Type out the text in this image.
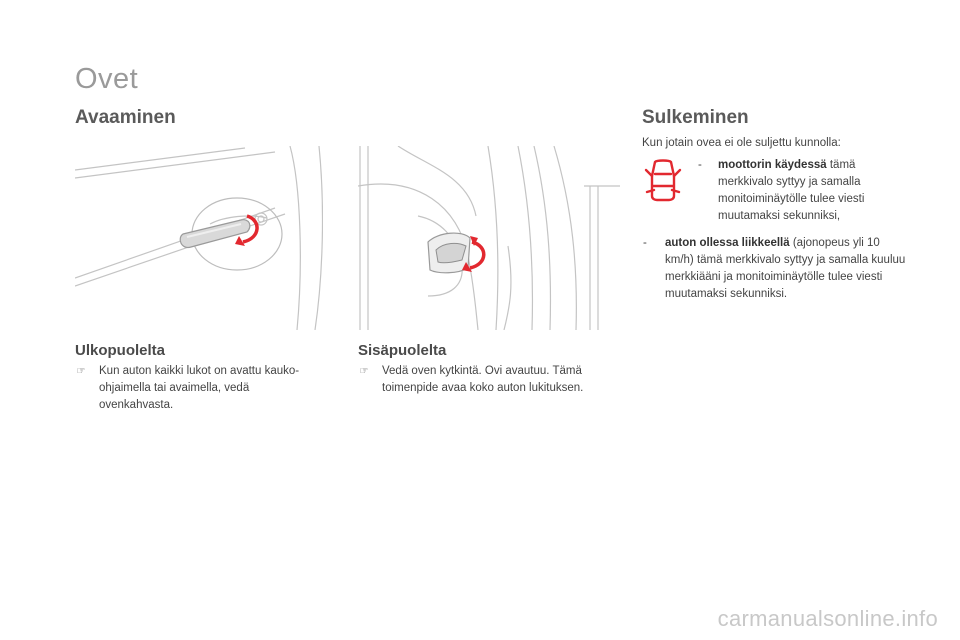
Ovet
Avaaminen
Ulkopuolelta
☞ Kun auton kaikki lukot on avattu kauko-ohjaimella tai avaimella, vedä ovenkahvasta.
Sisäpuolelta
☞ Vedä oven kytkintä. Ovi avautuu. Tämä toimenpide avaa koko auton lukituksen.
Sulkeminen
Kun jotain ovea ei ole suljettu kunnolla:
-	moottorin käydessä tämä merkkivalo syttyy ja samalla monitoiminäytölle tulee viesti muutamaksi sekunniksi,
-	auton ollessa liikkeellä (ajonopeus yli 10 km/h) tämä merkkivalo syttyy ja samalla kuuluu merkkiääni ja monitoiminäytölle tulee viesti muutamaksi sekunniksi.
carmanualsonline.info
